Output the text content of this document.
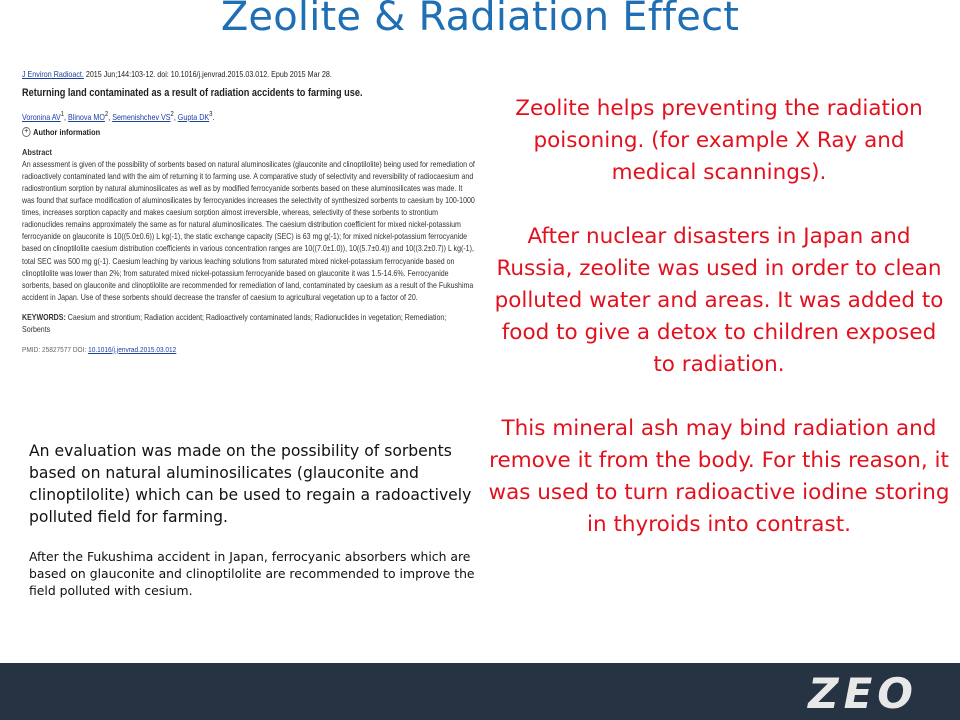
Zeolite & Radiation Effect
J Environ Radioact. 2015 Jun;144:103-12. doi: 10.1016/j.jenvrad.2015.03.012. Epub 2015 Mar 28.
Returning land contaminated as a result of radiation accidents to farming use.
Voronina $AV^1$, Blinova $MO^2$, Semenishchev $VS^2$, Gupta $DK^3$.
+ Author information
Abstract

An assessment is given of the possibility of sorbents based on natural aluminosilicates (glauconite and clinoptilolite) being used for remediation of radioactively contaminated land with the aim of returning it to farming use. A comparative study of selectivity and reversibility of radiocaesium and radiostrontium sorption by natural aluminosilicates as well as by modified ferrocyanide sorbents based on these aluminosilicates was made. It was found that surface modification of aluminosilicates by ferrocyanides increases the selectivity of synthesized sorbents to caesium by 100-1000 times, increases sorption capacity and makes caesium sorption almost irreversible, whereas, selectivity of these sorbents to strontium radionuclides remains approximately the same as for natural aluminosilicates. The caesium distribution coefficient for mixed nickel-potassium ferrocyanide on glauconite is 10((5.0±0.6)) L kg(-1), the static exchange capacity (SEC) is 63 mg g(-1); for mixed nickel-potassium ferrocyanide based on clinoptilolite caesium distribution coefficients in various concentration ranges are 10((7.0±1.0)), 10((5.7±0.4)) and 10((3.2±0.7)) L kg(-1), total SEC was 500 mg g(-1). Caesium leaching by various leaching solutions from saturated mixed nickel-potassium ferrocyanide based on clinoptilolite was lower than 2%; from saturated mixed nickel-potassium ferrocyanide based on glauconite it was 1.5-14.6%. Ferrocyanide sorbents, based on glauconite and clinoptilolite are recommended for remediation of land, contaminated by caesium as a result of the Fukushima accident in Japan. Use of these sorbents should decrease the transfer of caesium to agricultural vegetation up to a factor of 20.

KEYWORDS: Caesium and strontium; Radiation accident; Radioactively contaminated lands; Radionuclides in vegetation; Remediation; Sorbents
PMID: 25827577 DOI: 10.1016/j.jenvrad.2015.03.012

An evaluation was made on the possibility of sorbents based on natural aluminosilicates (glauconite and clinoptilolite) which can be used to regain a radoactively polluted field for farming.

After the Fukushima accident in Japan, ferrocyanic absorbers which are based on glauconite and clinoptilolite are recommended to improve the field polluted with cesium.

Zeolite helps preventing the radiation poisoning. (for example X Ray and medical scannings).

After nuclear disasters in Japan and Russia, zeolite was used in order to clean polluted water and areas. It was added to food to give a detox to children exposed to radiation.

This mineral ash may bind radiation and remove it from the body. For this reason, it was used to turn radioactive iodine storing in thyroids into contrast.

ZEO
